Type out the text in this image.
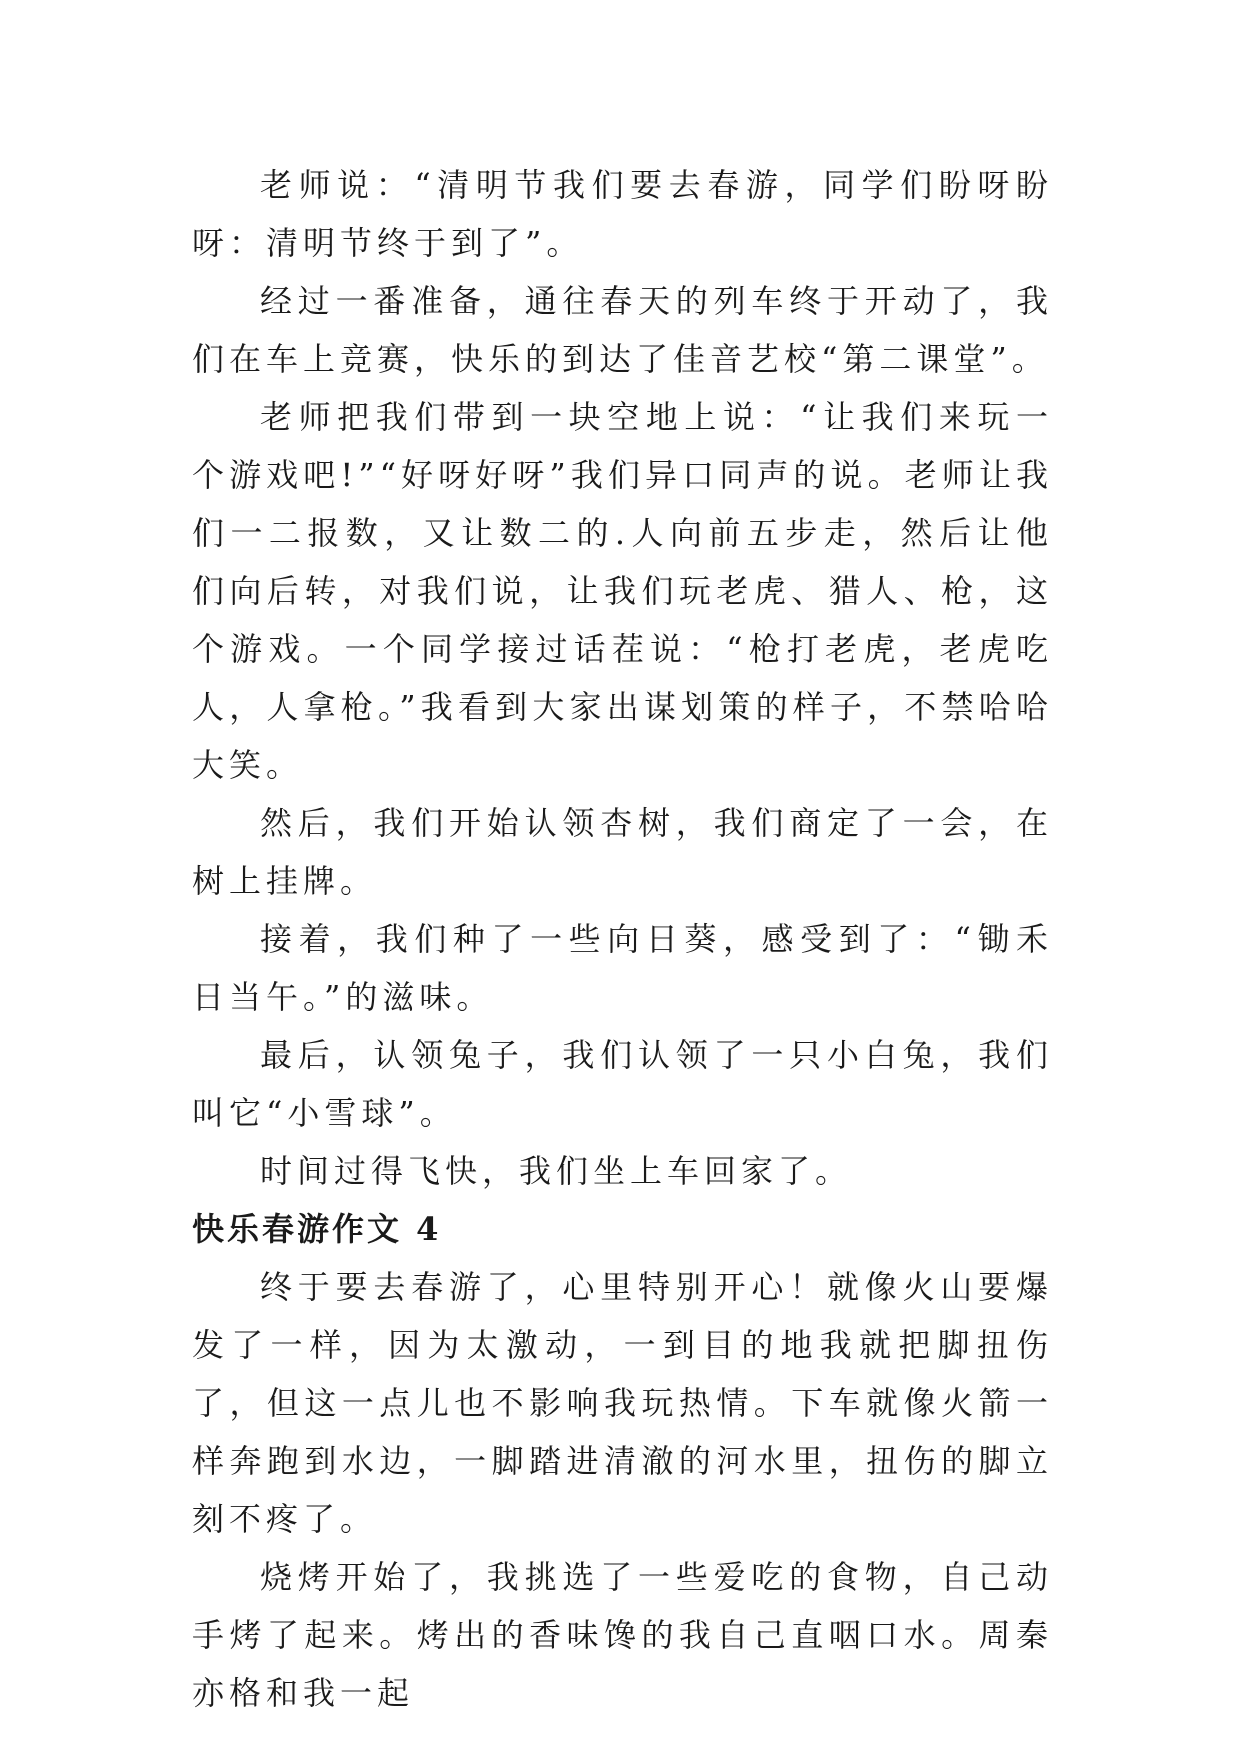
老师说：“清明节我们要去春游，同学们盼呀盼呀：清明节终于到了”。

经过一番准备，通往春天的列车终于开动了，我们在车上竞赛，快乐的到达了佳音艺校“第二课堂”。

老师把我们带到一块空地上说：“让我们来玩一个游戏吧!”“好呀好呀”我们异口同声的说。老师让我们一二报数，又让数二的.人向前五步走，然后让他们向后转，对我们说，让我们玩老虎、猎人、枪，这个游戏。一个同学接过话茬说：“枪打老虎，老虎吃人，人拿枪。”我看到大家出谋划策的样子，不禁哈哈大笑。

然后，我们开始认领杏树，我们商定了一会，在树上挂牌。

接着，我们种了一些向日葵，感受到了：“锄禾日当午。”的滋味。

最后，认领兔子，我们认领了一只小白兔，我们叫它“小雪球”。

时间过得飞快，我们坐上车回家了。

快乐春游作文 4

终于要去春游了，心里特别开心！就像火山要爆发了一样，因为太激动，一到目的地我就把脚扭伤了，但这一点儿也不影响我玩热情。下车就像火箭一样奔跑到水边，一脚踏进清澈的河水里，扭伤的脚立刻不疼了。

烧烤开始了，我挑选了一些爱吃的食物，自己动手烤了起来。烤出的香味馋的我自己直咽口水。周秦亦格和我一起
